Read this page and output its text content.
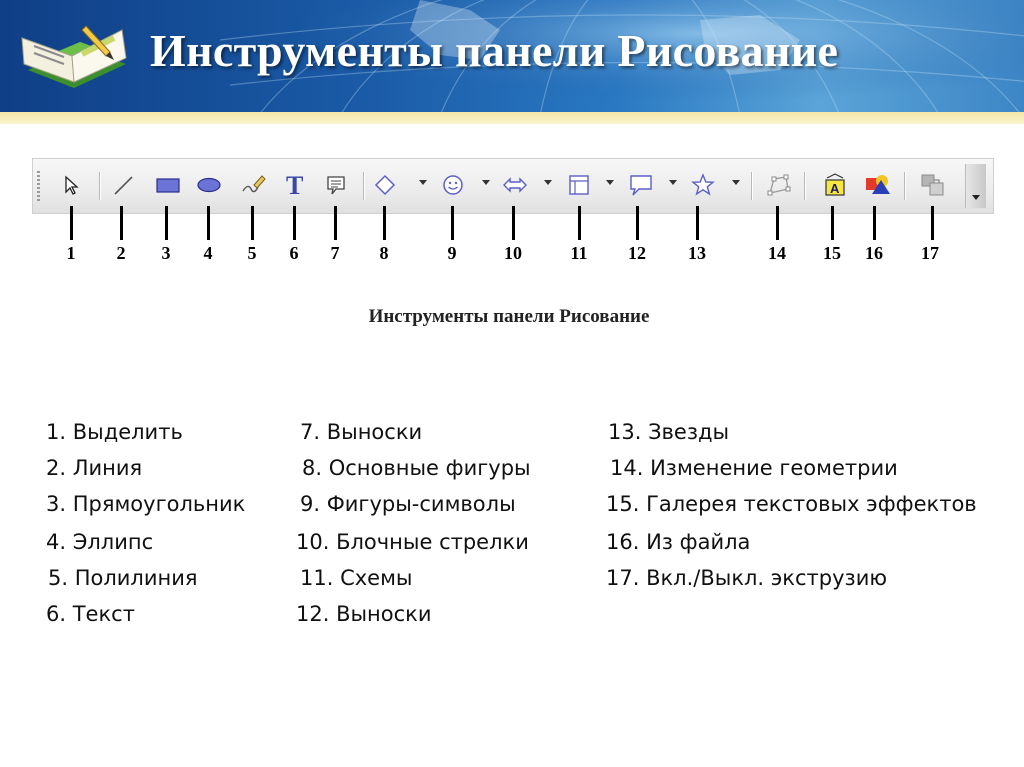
Инструменты панели Рисование
T	A
1	2	3	4	5	6	7	8	9	10	11	12	13	14	15	16	17
Инструменты панели Рисование
1. Выделить
2. Линия
3. Прямоугольник
4. Эллипс
5. Полилиния
6. Текст
7. Выноски
8. Основные фигуры
9. Фигуры-символы
10. Блочные стрелки
11. Схемы
12. Выноски
13. Звезды
14. Изменение геометрии
15. Галерея текстовых эффектов
16. Из файла
17. Вкл./Выкл. экструзию
